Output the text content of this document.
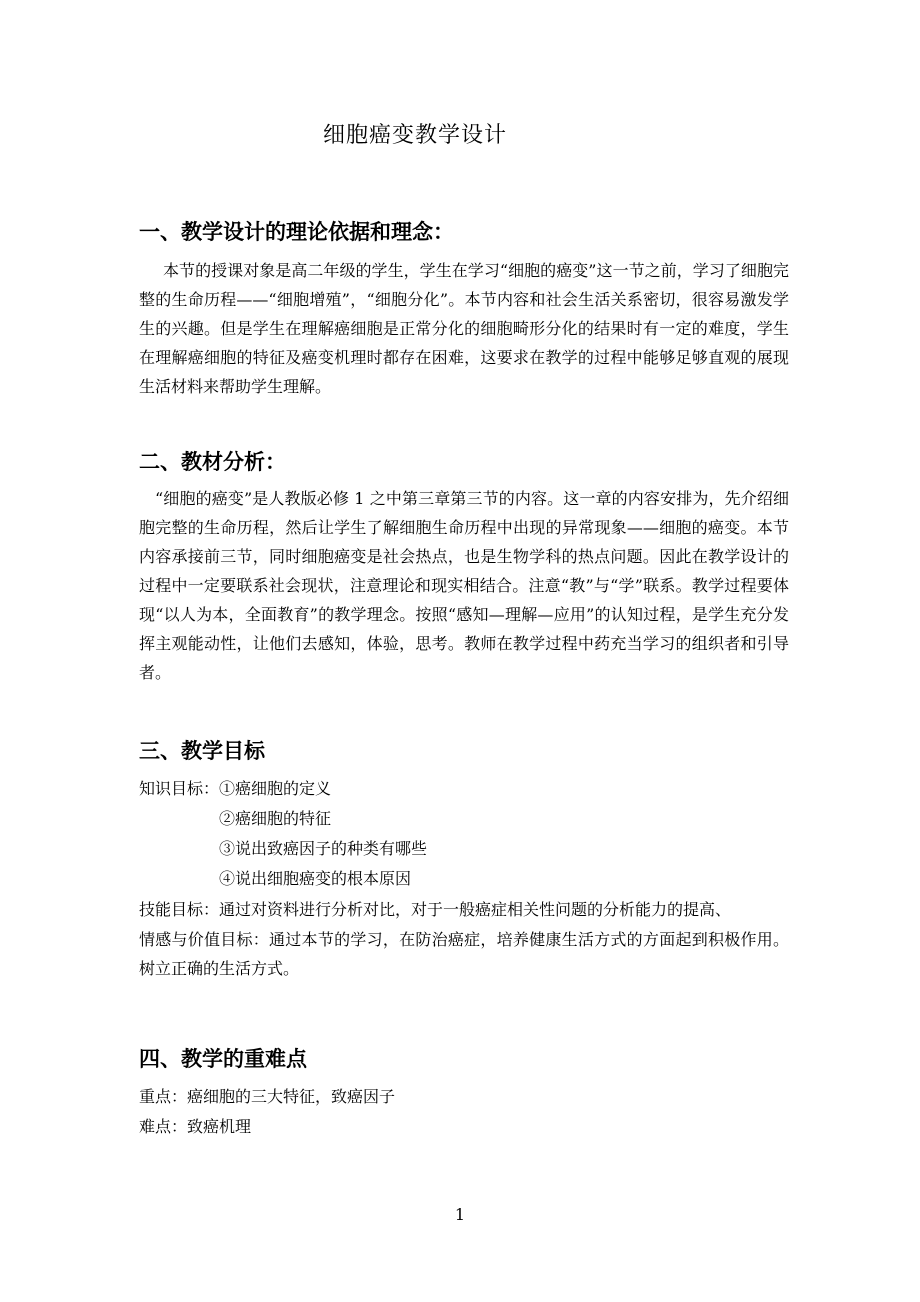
细胞癌变教学设计
一、教学设计的理论依据和理念：

本节的授课对象是高二年级的学生，学生在学习“细胞的癌变”这一节之前，学习了细胞完整的生命历程——“细胞增殖”，“细胞分化”。本节内容和社会生活关系密切，很容易激发学生的兴趣。但是学生在理解癌细胞是正常分化的细胞畸形分化的结果时有一定的难度，学生在理解癌细胞的特征及癌变机理时都存在困难，这要求在教学的过程中能够足够直观的展现生活材料来帮助学生理解。

二、教材分析：

“细胞的癌变”是人教版必修 1 之中第三章第三节的内容。这一章的内容安排为，先介绍细胞完整的生命历程，然后让学生了解细胞生命历程中出现的异常现象——细胞的癌变。本节内容承接前三节，同时细胞癌变是社会热点，也是生物学科的热点问题。因此在教学设计的过程中一定要联系社会现状，注意理论和现实相结合。注意“教”与“学”联系。教学过程要体现“以人为本，全面教育”的教学理念。按照“感知—理解—应用”的认知过程，是学生充分发挥主观能动性，让他们去感知，体验，思考。教师在教学过程中药充当学习的组织者和引导者。

三、教学目标

知识目标： ①癌细胞的定义

②癌细胞的特征

③说出致癌因子的种类有哪些

④说出细胞癌变的根本原因

技能目标：通过对资料进行分析对比，对于一般癌症相关性问题的分析能力的提高、

情感与价值目标：通过本节的学习，在防治癌症，培养健康生活方式的方面起到积极作用。树立正确的生活方式。

四、教学的重难点

重点：癌细胞的三大特征，致癌因子

难点：致癌机理

1
